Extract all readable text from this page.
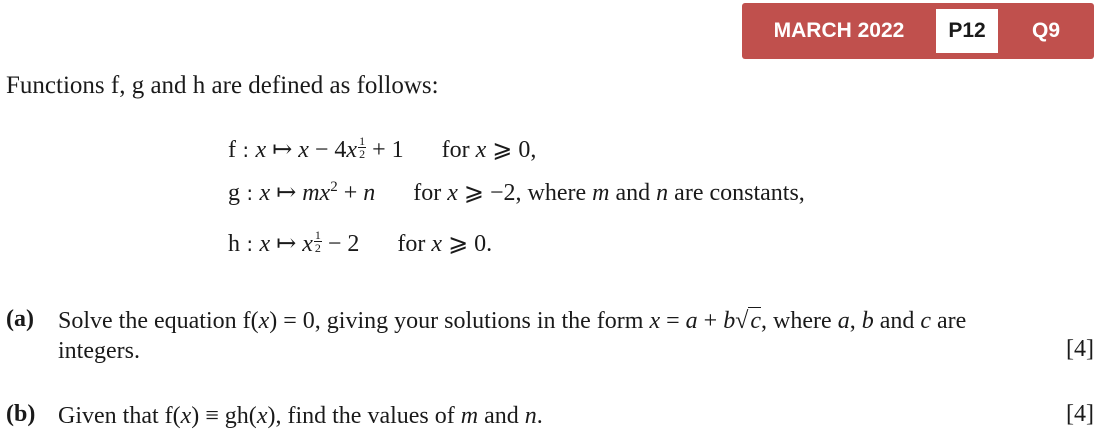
MARCH 2022	P12	Q9
Functions f, g and h are defined as follows:
f : x ↦ $x - 4x \frac{1}{2} + 1$  for x ⩾ 0,
g : x ↦ $mx^2 + n$ for x ⩾ −2, where m and n are constants,
h : x ↦ x $\frac{1}{2} - 2$  for x ⩾ 0.
(a) Solve the equation f(x) = 0, giving your solutions in the form x = a + b√c, where a, b and c are
integers.	[4]
(b) Given that f(x) ≡ gh(x), find the values of m and n.	[4]
